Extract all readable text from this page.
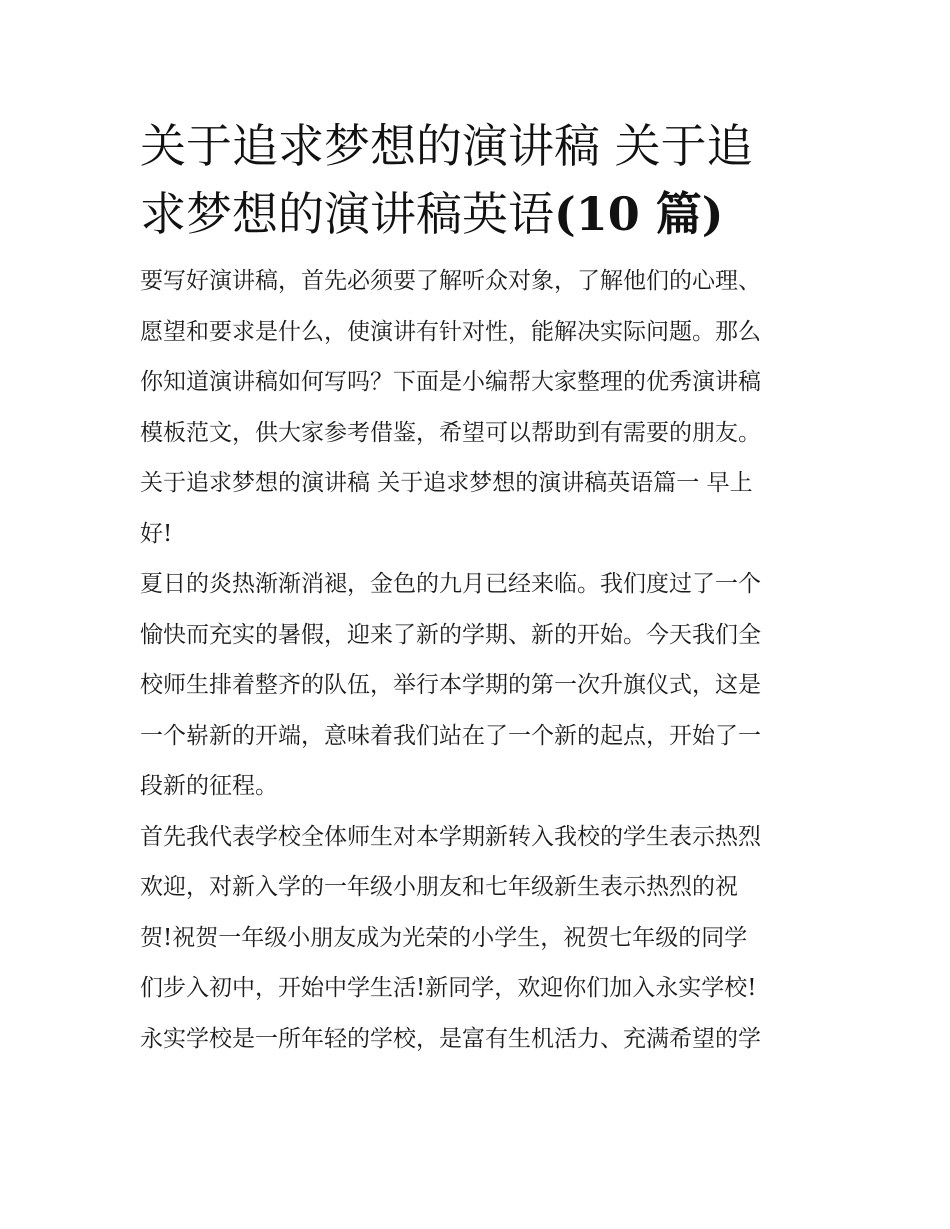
关于追求梦想的演讲稿 关于追
求梦想的演讲稿英语(10 篇)
要写好演讲稿，首先必须要了解听众对象，了解他们的心理、
愿望和要求是什么，使演讲有针对性，能解决实际问题。那么
你知道演讲稿如何写吗？下面是小编帮大家整理的优秀演讲稿
模板范文，供大家参考借鉴，希望可以帮助到有需要的朋友。
关于追求梦想的演讲稿 关于追求梦想的演讲稿英语篇一 早上
好!
夏日的炎热渐渐消褪，金色的九月已经来临。我们度过了一个
愉快而充实的暑假，迎来了新的学期、新的开始。今天我们全
校师生排着整齐的队伍，举行本学期的第一次升旗仪式，这是
一个崭新的开端，意味着我们站在了一个新的起点，开始了一
段新的征程。
首先我代表学校全体师生对本学期新转入我校的学生表示热烈
欢迎，对新入学的一年级小朋友和七年级新生表示热烈的祝
贺!祝贺一年级小朋友成为光荣的小学生，祝贺七年级的同学
们步入初中，开始中学生活!新同学，欢迎你们加入永实学校!
永实学校是一所年轻的学校，是富有生机活力、充满希望的学
